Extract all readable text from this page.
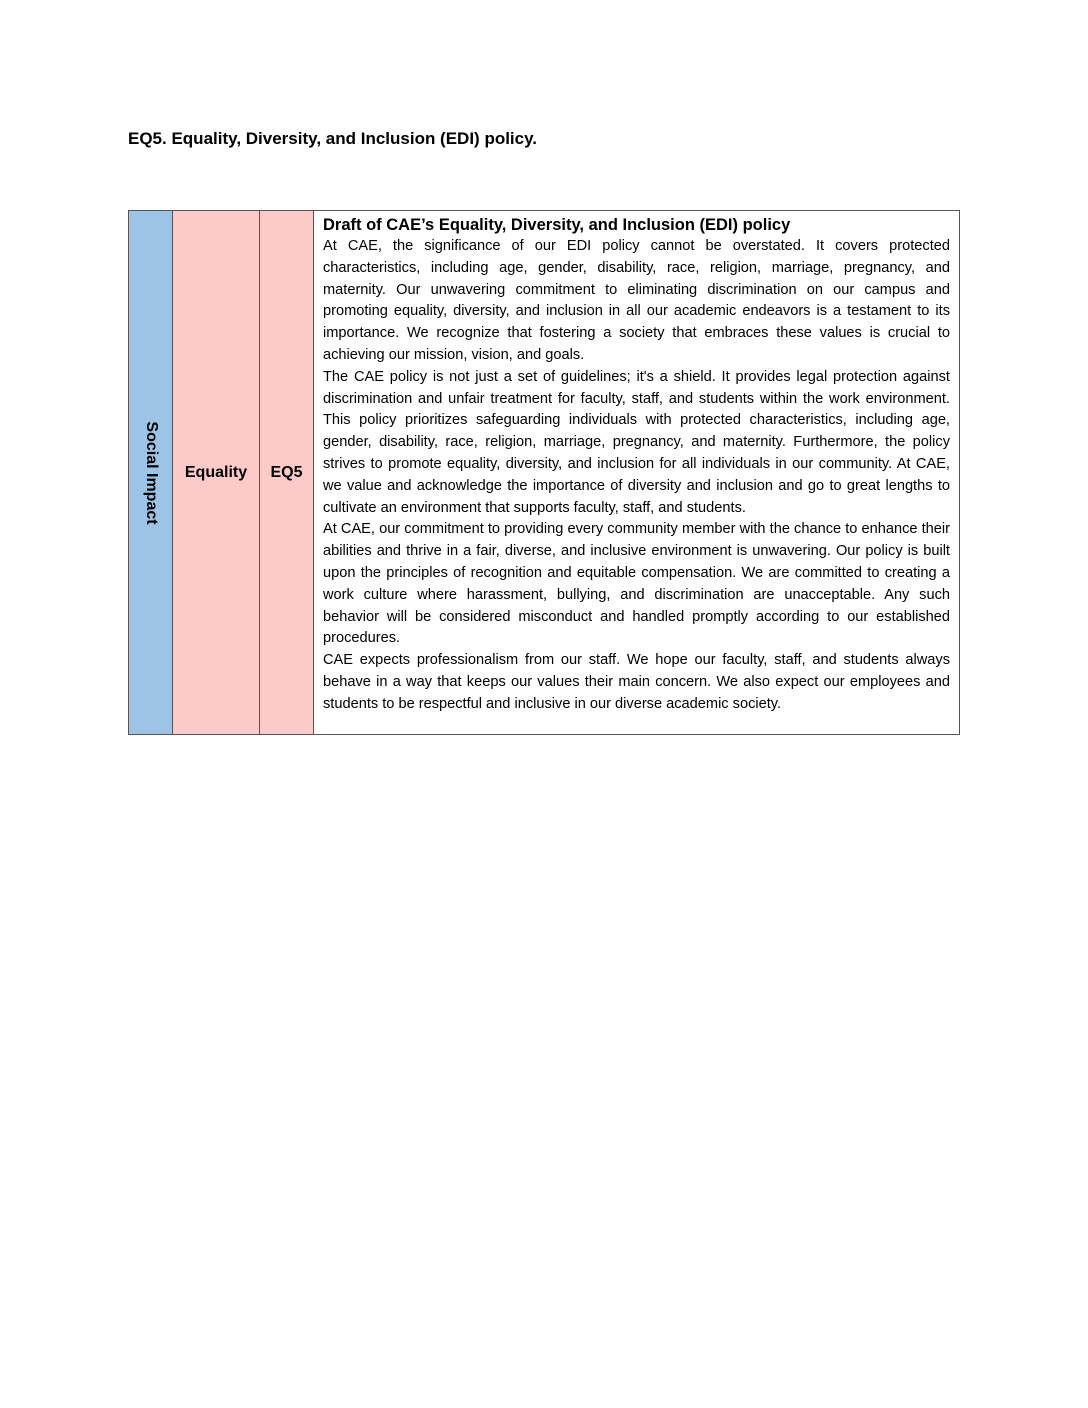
EQ5. Equality, Diversity, and Inclusion (EDI) policy.
Social Impact	Equality	EQ5	
Draft of CAE’s Equality, Diversity, and Inclusion (EDI) policy

At CAE, the significance of our EDI policy cannot be overstated. It covers protected characteristics, including age, gender, disability, race, religion, marriage, pregnancy, and maternity. Our unwavering commitment to eliminating discrimination on our campus and promoting equality, diversity, and inclusion in all our academic endeavors is a testament to its importance. We recognize that fostering a society that embraces these values is crucial to achieving our mission, vision, and goals.

The CAE policy is not just a set of guidelines; it's a shield. It provides legal protection against discrimination and unfair treatment for faculty, staff, and students within the work environment. This policy prioritizes safeguarding individuals with protected characteristics, including age, gender, disability, race, religion, marriage, pregnancy, and maternity. Furthermore, the policy strives to promote equality, diversity, and inclusion for all individuals in our community. At CAE, we value and acknowledge the importance of diversity and inclusion and go to great lengths to cultivate an environment that supports faculty, staff, and students.

At CAE, our commitment to providing every community member with the chance to enhance their abilities and thrive in a fair, diverse, and inclusive environment is unwavering. Our policy is built upon the principles of recognition and equitable compensation. We are committed to creating a work culture where harassment, bullying, and discrimination are unacceptable. Any such behavior will be considered misconduct and handled promptly according to our established procedures.

CAE expects professionalism from our staff. We hope our faculty, staff, and students always behave in a way that keeps our values their main concern. We also expect our employees and students to be respectful and inclusive in our diverse academic society.
